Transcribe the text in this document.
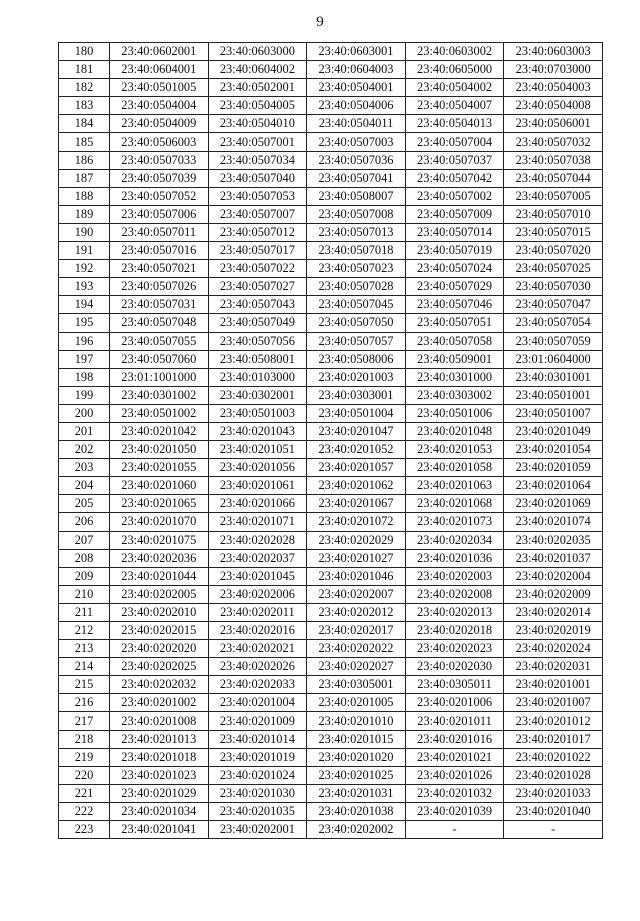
9
180	23:40:0602001	23:40:0603000	23:40:0603001	23:40:0603002	23:40:0603003
181	23:40:0604001	23:40:0604002	23:40:0604003	23:40:0605000	23:40:0703000
182	23:40:0501005	23:40:0502001	23:40:0504001	23:40:0504002	23:40:0504003
183	23:40:0504004	23:40:0504005	23:40:0504006	23:40:0504007	23:40:0504008
184	23:40:0504009	23:40:0504010	23:40:0504011	23:40:0504013	23:40:0506001
185	23:40:0506003	23:40:0507001	23:40:0507003	23:40:0507004	23:40:0507032
186	23:40:0507033	23:40:0507034	23:40:0507036	23:40:0507037	23:40:0507038
187	23:40:0507039	23:40:0507040	23:40:0507041	23:40:0507042	23:40:0507044
188	23:40:0507052	23:40:0507053	23:40:0508007	23:40:0507002	23:40:0507005
189	23:40:0507006	23:40:0507007	23:40:0507008	23:40:0507009	23:40:0507010
190	23:40:0507011	23:40:0507012	23:40:0507013	23:40:0507014	23:40:0507015
191	23:40:0507016	23:40:0507017	23:40:0507018	23:40:0507019	23:40:0507020
192	23:40:0507021	23:40:0507022	23:40:0507023	23:40:0507024	23:40:0507025
193	23:40:0507026	23:40:0507027	23:40:0507028	23:40:0507029	23:40:0507030
194	23:40:0507031	23:40:0507043	23:40:0507045	23:40:0507046	23:40:0507047
195	23:40:0507048	23:40:0507049	23:40:0507050	23:40:0507051	23:40:0507054
196	23:40:0507055	23:40:0507056	23:40:0507057	23:40:0507058	23:40:0507059
197	23:40:0507060	23:40:0508001	23:40:0508006	23:40:0509001	23:01:0604000
198	23:01:1001000	23:40:0103000	23:40:0201003	23:40:0301000	23:40:0301001
199	23:40:0301002	23:40:0302001	23:40:0303001	23:40:0303002	23:40:0501001
200	23:40:0501002	23:40:0501003	23:40:0501004	23:40:0501006	23:40:0501007
201	23:40:0201042	23:40:0201043	23:40:0201047	23:40:0201048	23:40:0201049
202	23:40:0201050	23:40:0201051	23:40:0201052	23:40:0201053	23:40:0201054
203	23:40:0201055	23:40:0201056	23:40:0201057	23:40:0201058	23:40:0201059
204	23:40:0201060	23:40:0201061	23:40:0201062	23:40:0201063	23:40:0201064
205	23:40:0201065	23:40:0201066	23:40:0201067	23:40:0201068	23:40:0201069
206	23:40:0201070	23:40:0201071	23:40:0201072	23:40:0201073	23:40:0201074
207	23:40:0201075	23:40:0202028	23:40:0202029	23:40:0202034	23:40:0202035
208	23:40:0202036	23:40:0202037	23:40:0201027	23:40:0201036	23:40:0201037
209	23:40:0201044	23:40:0201045	23:40:0201046	23:40:0202003	23:40:0202004
210	23:40:0202005	23:40:0202006	23:40:0202007	23:40:0202008	23:40:0202009
211	23:40:0202010	23:40:0202011	23:40:0202012	23:40:0202013	23:40:0202014
212	23:40:0202015	23:40:0202016	23:40:0202017	23:40:0202018	23:40:0202019
213	23:40:0202020	23:40:0202021	23:40:0202022	23:40:0202023	23:40:0202024
214	23:40:0202025	23:40:0202026	23:40:0202027	23:40:0202030	23:40:0202031
215	23:40:0202032	23:40:0202033	23:40:0305001	23:40:0305011	23:40:0201001
216	23:40:0201002	23:40:0201004	23:40:0201005	23:40:0201006	23:40:0201007
217	23:40:0201008	23:40:0201009	23:40:0201010	23:40:0201011	23:40:0201012
218	23:40:0201013	23:40:0201014	23:40:0201015	23:40:0201016	23:40:0201017
219	23:40:0201018	23:40:0201019	23:40:0201020	23:40:0201021	23:40:0201022
220	23:40:0201023	23:40:0201024	23:40:0201025	23:40:0201026	23:40:0201028
221	23:40:0201029	23:40:0201030	23:40:0201031	23:40:0201032	23:40:0201033
222	23:40:0201034	23:40:0201035	23:40:0201038	23:40:0201039	23:40:0201040
223	23:40:0201041	23:40:0202001	23:40:0202002	-	-
